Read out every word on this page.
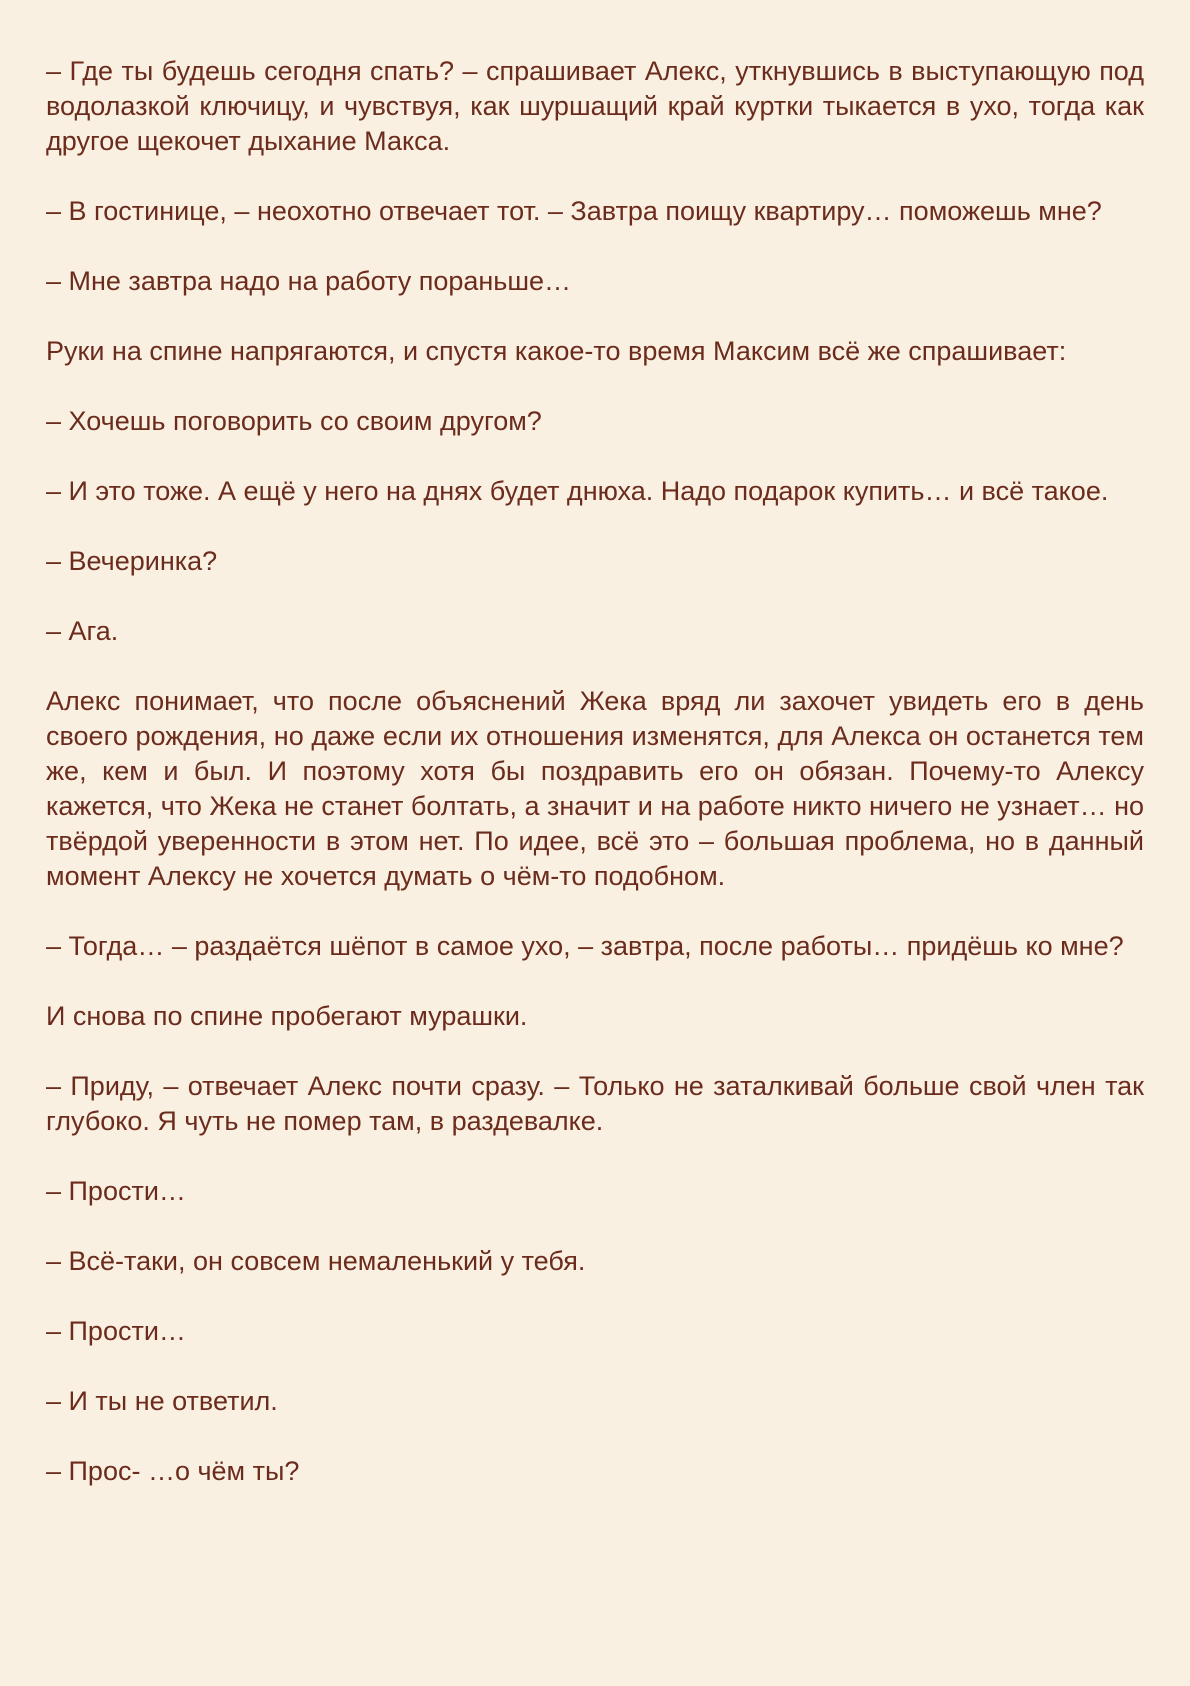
– Где ты будешь сегодня спать? – спрашивает Алекс, уткнувшись в выступающую под водолазкой ключицу, и чувствуя, как шуршащий край куртки тыкается в ухо, тогда как другое щекочет дыхание Макса.

– В гостинице, – неохотно отвечает тот. – Завтра поищу квартиру… поможешь мне?

– Мне завтра надо на работу пораньше…

Руки на спине напрягаются, и спустя какое-то время Максим всё же спрашивает:

– Хочешь поговорить со своим другом?

– И это тоже. А ещё у него на днях будет днюха. Надо подарок купить… и всё такое.

– Вечеринка?

– Ага.

Алекс понимает, что после объяснений Жека вряд ли захочет увидеть его в день своего рождения, но даже если их отношения изменятся, для Алекса он останется тем же, кем и был. И поэтому хотя бы поздравить его он обязан. Почему-то Алексу кажется, что Жека не станет болтать, а значит и на работе никто ничего не узнает… но твёрдой уверенности в этом нет. По идее, всё это – большая проблема, но в данный момент Алексу не хочется думать о чём-то подобном.

– Тогда… – раздаётся шёпот в самое ухо, – завтра, после работы… придёшь ко мне?

И снова по спине пробегают мурашки.

– Приду, – отвечает Алекс почти сразу. – Только не заталкивай больше свой член так глубоко. Я чуть не помер там, в раздевалке.

– Прости…

– Всё-таки, он совсем немаленький у тебя.

– Прости…

– И ты не ответил.

– Прос- …о чём ты?
